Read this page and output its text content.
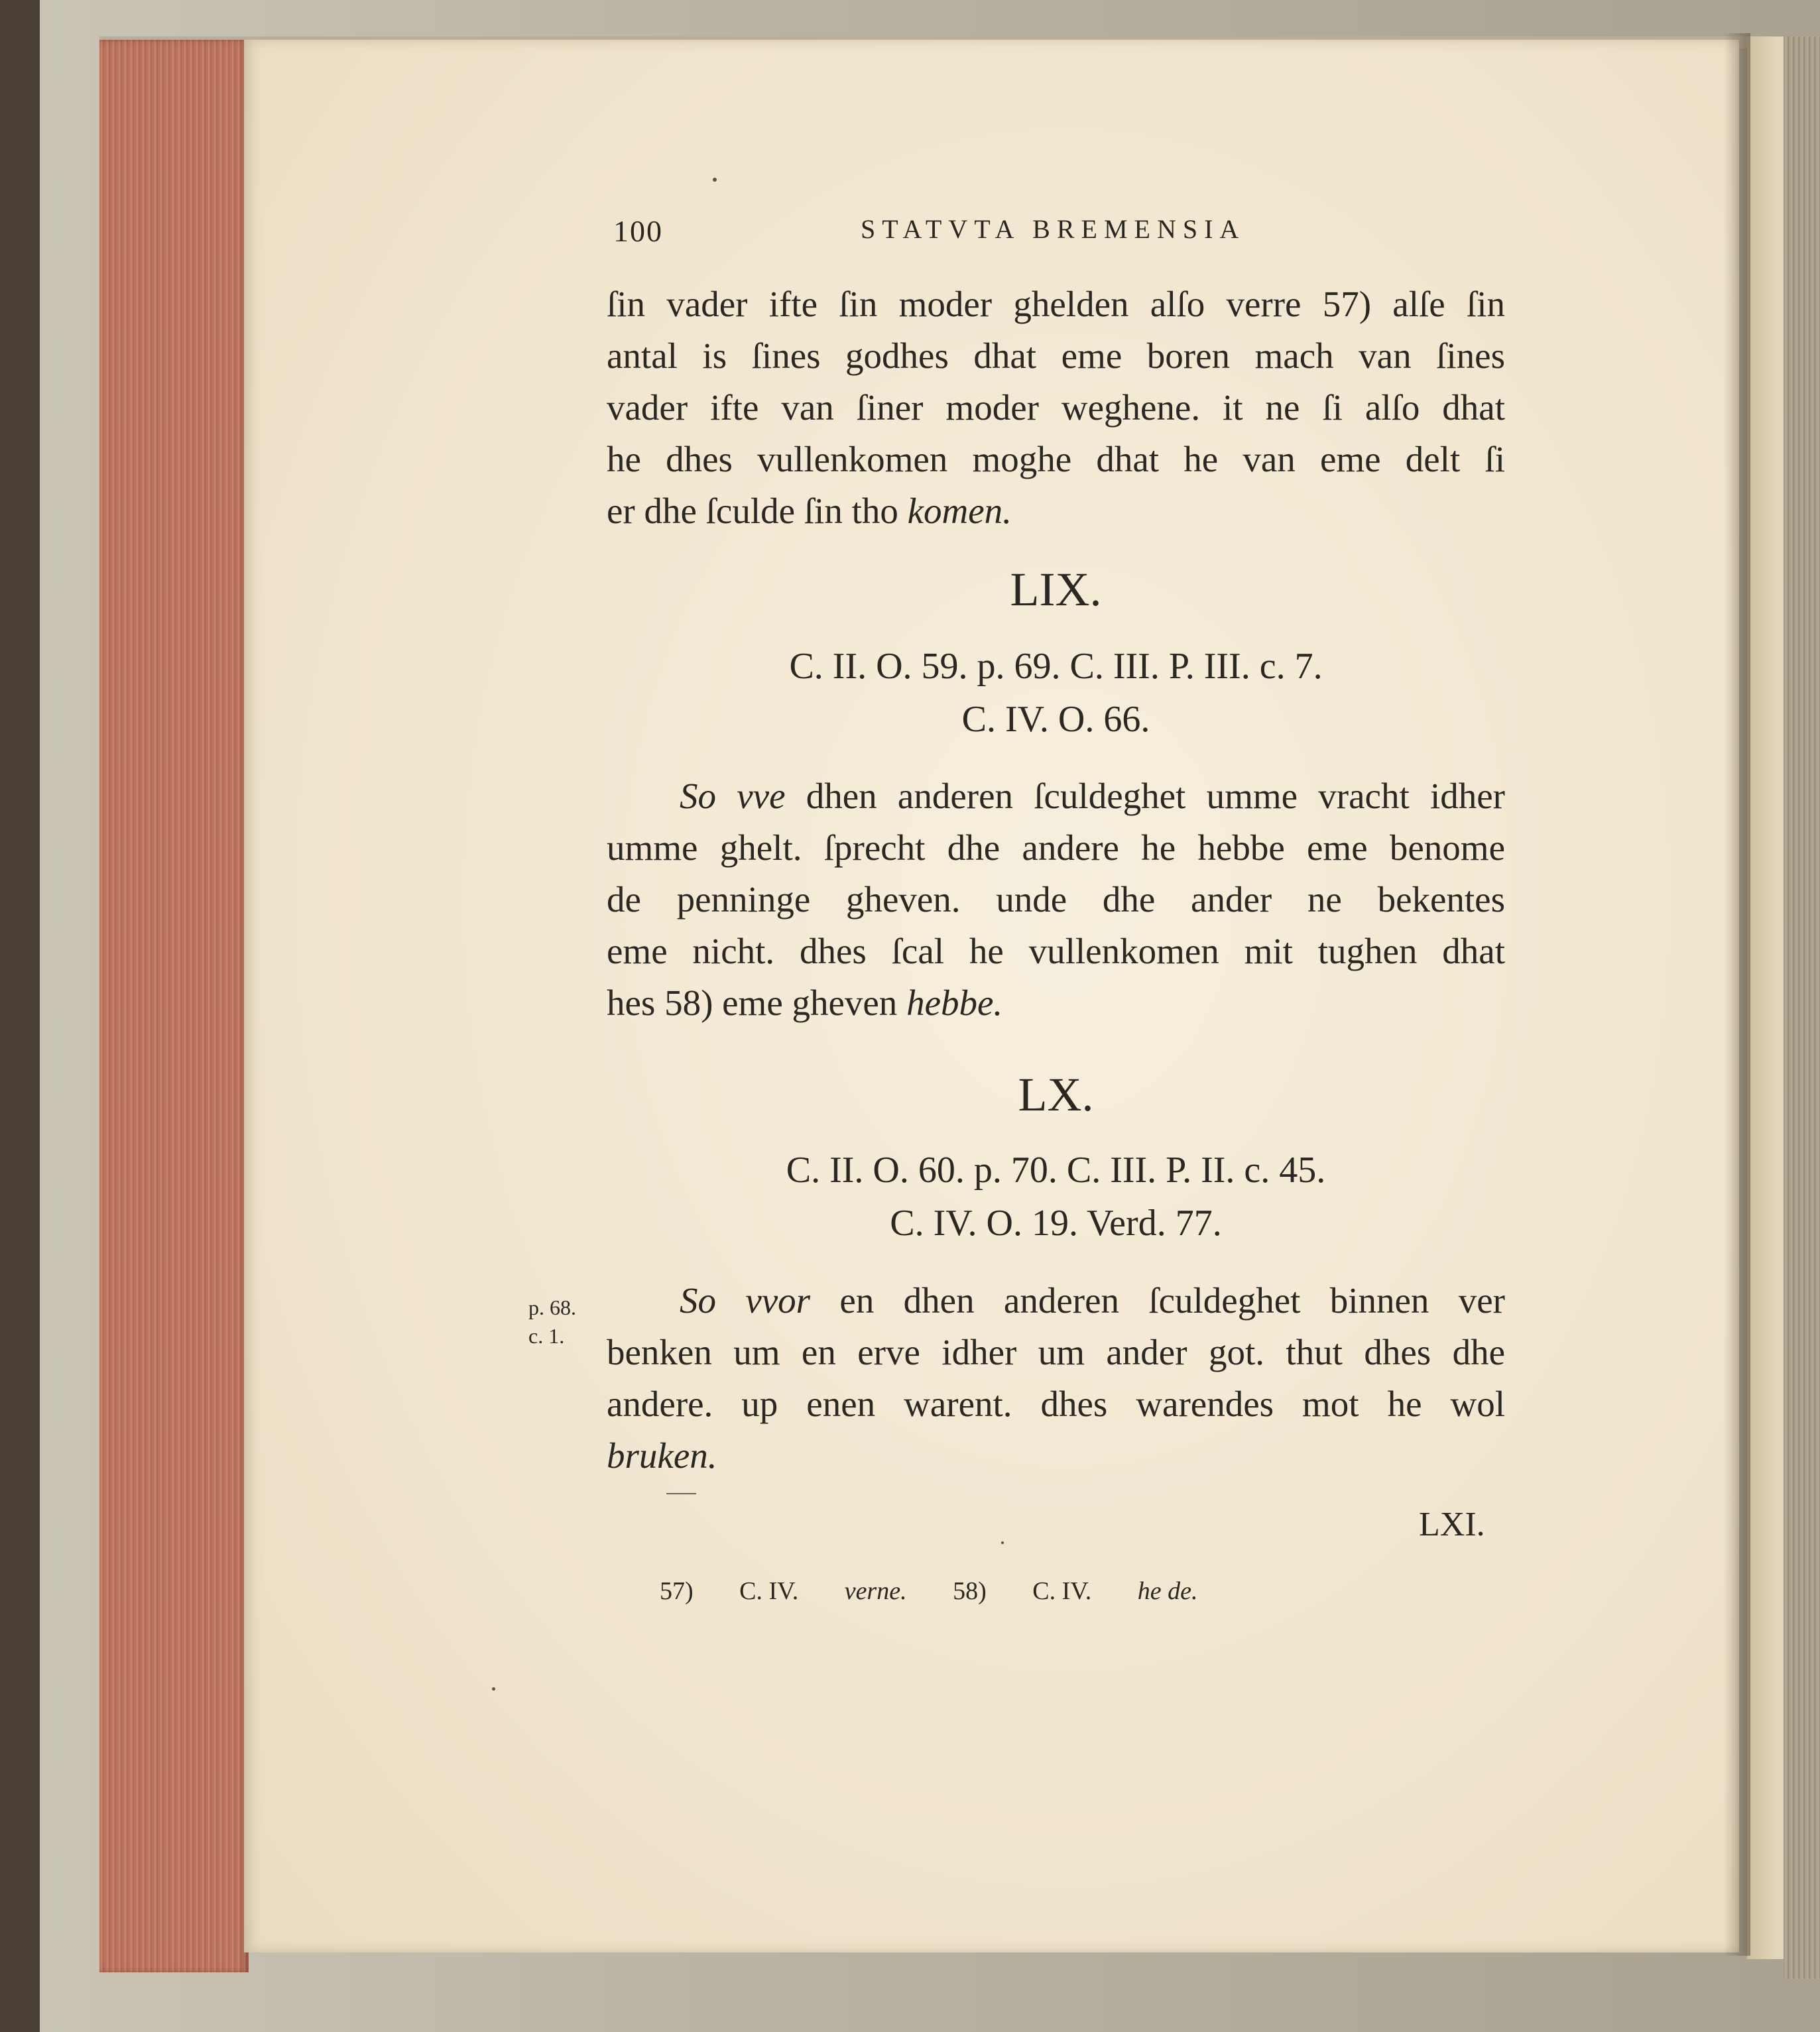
100	STATVTA BREMENSIA
ſin vader ifte ſin moder ghelden alſo verre 57) alſe ſin
antal is ſines godhes dhat eme boren mach van ſines
vader ifte van ſiner moder weghene. it ne ſi alſo dhat
he dhes vullenkomen moghe dhat he van eme delt ſi
er dhe ſculde ſin tho komen.
LIX.
C. II. O. 59. p. 69. C. III. P. III. c. 7.
C. IV. O. 66.
So vve dhen anderen ſculdeghet umme vracht idher
umme ghelt. ſprecht dhe andere he hebbe eme benome
de penninge gheven. unde dhe ander ne bekentes
eme nicht. dhes ſcal he vullenkomen mit tughen dhat
hes 58) eme gheven hebbe.
LX.
C. II. O. 60. p. 70. C. III. P. II. c. 45.
C. IV. O. 19. Verd. 77.
p. 68.
c. 1.
So vvor en dhen anderen ſculdeghet binnen ver
benken um en erve idher um ander got. thut dhes dhe
andere. up enen warent. dhes warendes mot he wol
bruken.
LXI.
57) C. IV. verne. 58) C. IV. he de.
